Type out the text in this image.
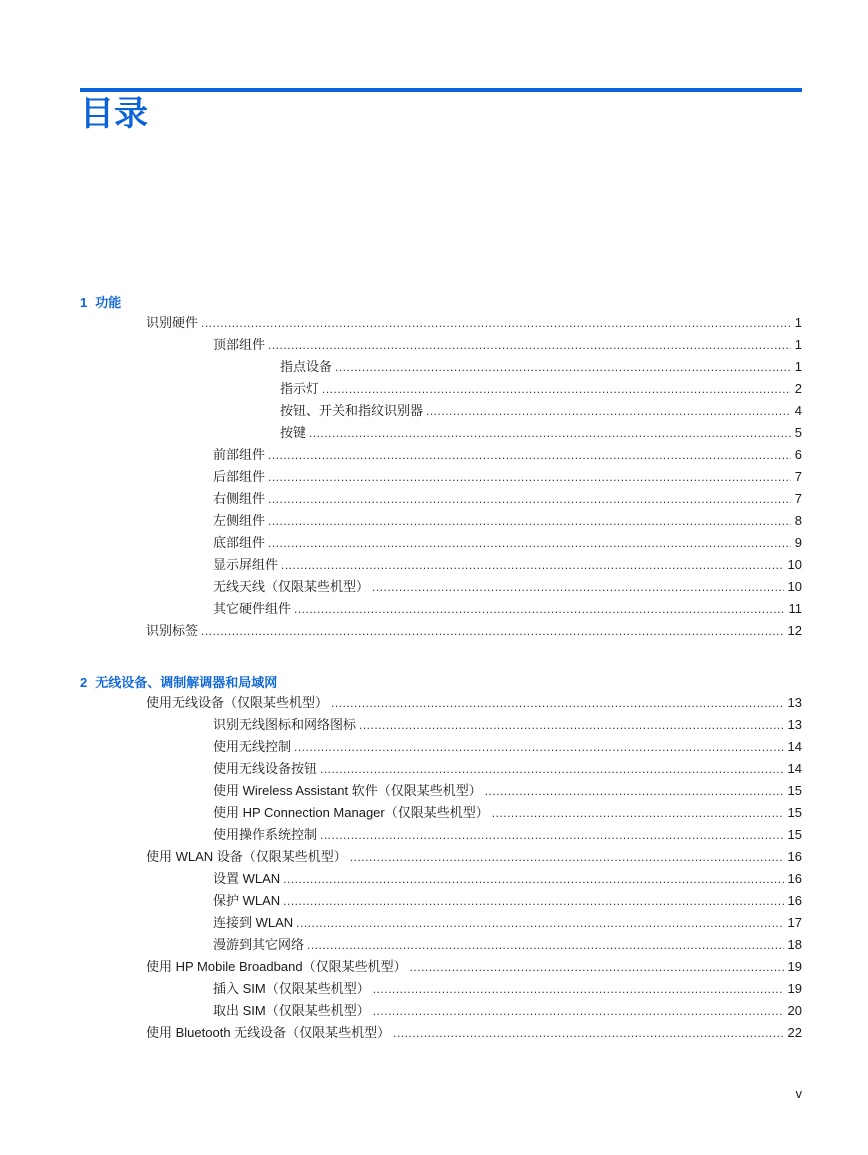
目录
1 功能
识别硬件 .....	1
顶部组件 .....	1
指点设备 .....	1
指示灯 .....	2
按钮、开关和指纹识别器 .....	4
按键 .....	5
前部组件 .....	6
后部组件 .....	7
右侧组件 .....	7
左侧组件 .....	8
底部组件 .....	9
显示屏组件 .....	10
无线天线（仅限某些机型） .....	10
其它硬件组件 .....	11
识别标签 .....	12
2 无线设备、调制解调器和局域网
使用无线设备（仅限某些机型） .....	13
识别无线图标和网络图标 .....	13
使用无线控制 .....	14
使用无线设备按钮 .....	14
使用 Wireless Assistant 软件（仅限某些机型） .....	15
使用 HP Connection Manager（仅限某些机型） .....	15
使用操作系统控制 .....	15
使用 WLAN 设备（仅限某些机型） .....	16
设置 WLAN .....	16
保护 WLAN .....	16
连接到 WLAN .....	17
漫游到其它网络 .....	18
使用 HP Mobile Broadband（仅限某些机型） .....	19
插入 SIM（仅限某些机型） .....	19
取出 SIM（仅限某些机型） .....	20
使用 Bluetooth 无线设备（仅限某些机型） .....	22
v
